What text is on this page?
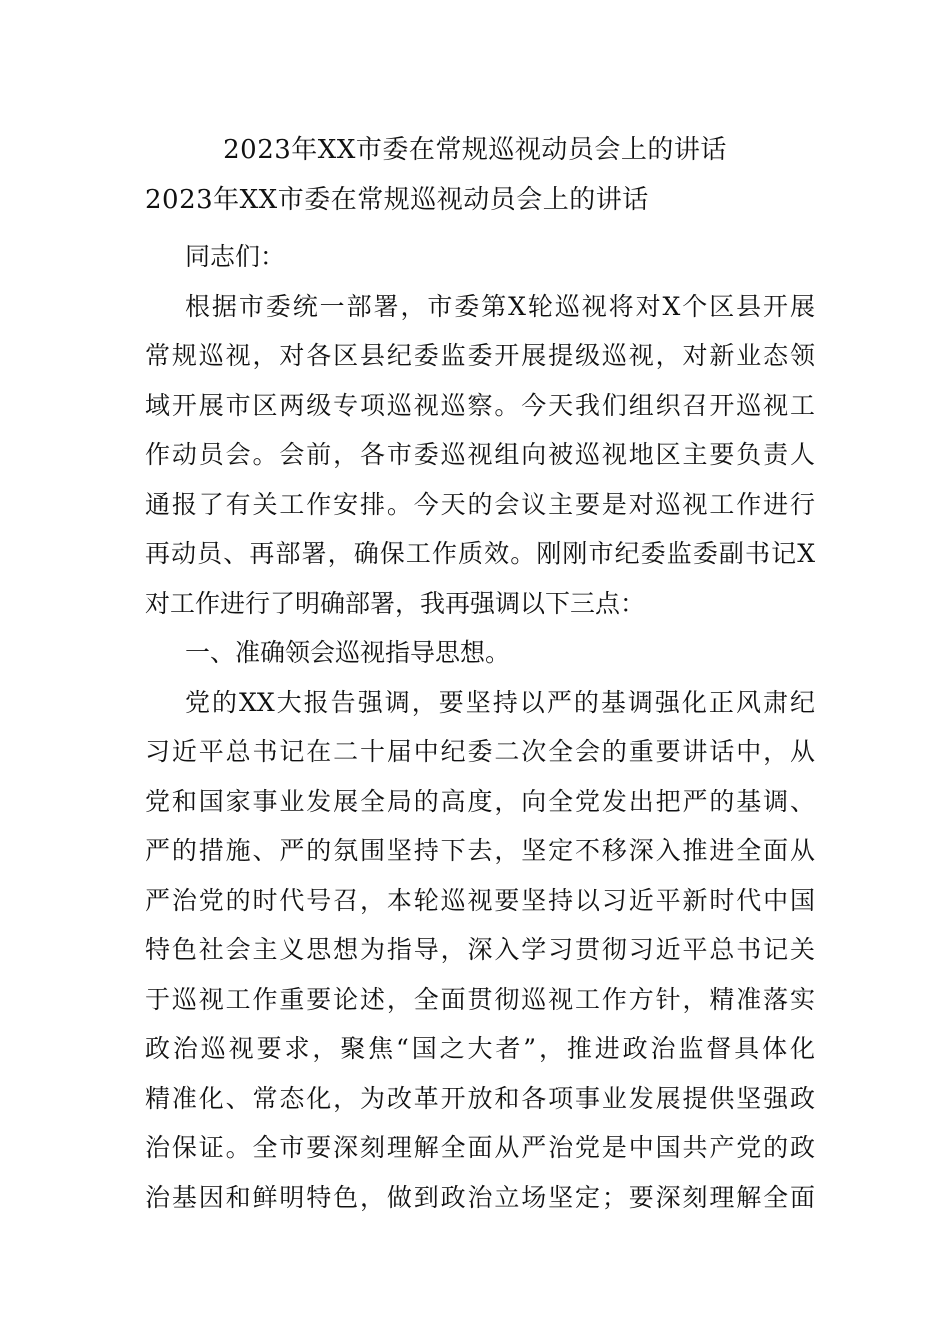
2023年XX市委在常规巡视动员会上的讲话
2023年XX市委在常规巡视动员会上的讲话
同志们：
根据市委统一部署，市委第X轮巡视将对X个区县开展
常规巡视，对各区县纪委监委开展提级巡视，对新业态领
域开展市区两级专项巡视巡察。今天我们组织召开巡视工
作动员会。会前，各市委巡视组向被巡视地区主要负责人
通报了有关工作安排。今天的会议主要是对巡视工作进行
再动员、再部署，确保工作质效。刚刚市纪委监委副书记X
对工作进行了明确部署，我再强调以下三点：
一、准确领会巡视指导思想。
党的XX大报告强调，要坚持以严的基调强化正风肃纪
习近平总书记在二十届中纪委二次全会的重要讲话中，从
党和国家事业发展全局的高度，向全党发出把严的基调、
严的措施、严的氛围坚持下去，坚定不移深入推进全面从
严治党的时代号召，本轮巡视要坚持以习近平新时代中国
特色社会主义思想为指导，深入学习贯彻习近平总书记关
于巡视工作重要论述，全面贯彻巡视工作方针，精准落实
政治巡视要求，聚焦“国之大者”，推进政治监督具体化
精准化、常态化，为改革开放和各项事业发展提供坚强政
治保证。全市要深刻理解全面从严治党是中国共产党的政
治基因和鲜明特色，做到政治立场坚定；要深刻理解全面
